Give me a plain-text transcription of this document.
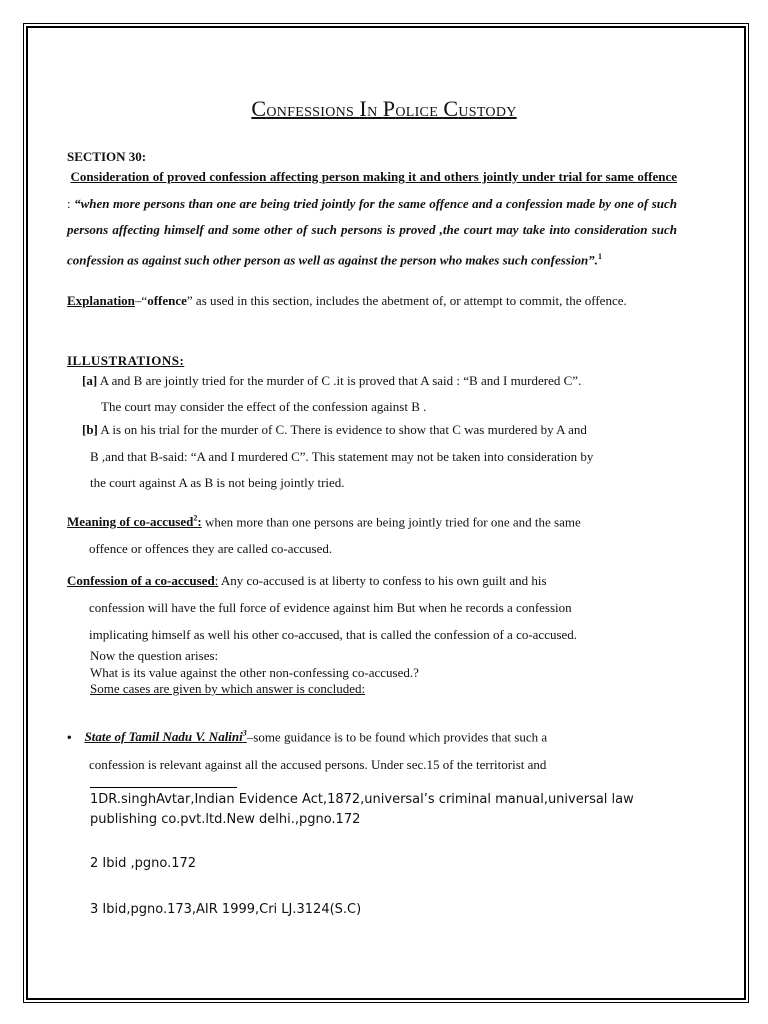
Confessions In Police Custody
SECTION 30:
Consideration of proved confession affecting person making it and others jointly under trial for same offence : “when more persons than one are being tried jointly for the same offence and a confession made by one of such persons affecting himself and some other of such persons is proved ,the court may take into consideration such confession as against such other person as well as against the person who makes such confession”.$^1$
Explanation–“offence” as used in this section, includes the abetment of, or attempt to commit, the offence.
ILLUSTRATIONS:
[a] A and B are jointly tried for the murder of C .it is proved that A said : “B and I murdered C”.
The court may consider the effect of the confession against B .
[b] A is on his trial for the murder of C. There is evidence to show that C was murdered by A and
B ,and that B-said: “A and I murdered C”. This statement may not be taken into consideration by
the court against A as B is not being jointly tried.
Meaning of co-accused$^2$: when more than one persons are being jointly tried for one and the same
offence or offences they are called co-accused.
Confession of a co-accused: Any co-accused is at liberty to confess to his own guilt and his
confession will have the full force of evidence against him But when he records a confession
implicating himself as well his other co-accused, that is called the confession of a co-accused.
Now the question arises:
What is its value against the other non-confessing co-accused.?
Some cases are given by which answer is concluded:
• State of Tamil Nadu V. Nalini$^3$–some guidance is to be found which provides that such a
confession is relevant against all the accused persons. Under sec.15 of the territorist and
1DR.singhAvtar,Indian Evidence Act,1872,universal’s criminal manual,universal law publishing co.pvt.ltd.New delhi.,pgno.172
2 Ibid ,pgno.172
3 Ibid,pgno.173,AIR 1999,Cri LJ.3124(S.C)
